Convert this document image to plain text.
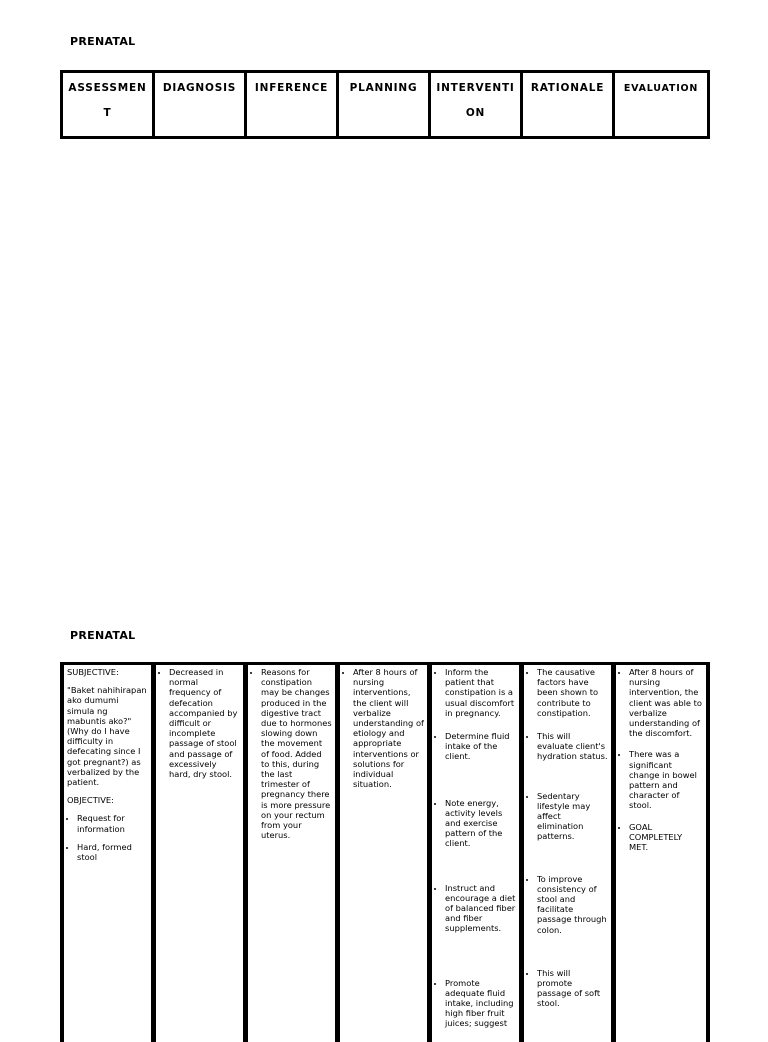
PRENATAL
ASSESSMEN T
DIAGNOSIS INFERENCE PLANNING INTERVENTI ON
RATIONALE EVALUATION
PRENATAL

SUBJECTIVE:

"Baket nahihirapan ako dumumi simula ng mabuntis ako?" (Why do I have difficulty in defecating since I got pregnant?) as verbalized by the patient.

OBJECTIVE:

• Request for information
• Hard, formed stool
• Decreased in normal frequency of defecation accompanied by difficult or incomplete passage of stool and passage of excessively hard, dry stool.
• Reasons for constipation may be changes produced in the digestive tract due to hormones slowing down the movement of food. Added to this, during the last trimester of pregnancy there is more pressure on your rectum from your uterus.
• After 8 hours of nursing interventions, the client will verbalize understanding of etiology and appropriate interventions or solutions for individual situation.
• Inform the patient that constipation is a usual discomfort in pregnancy.
• Determine fluid intake of the client.
• Note energy, activity levels and exercise pattern of the client.
• Instruct and encourage a diet of balanced fiber and fiber supplements.
• Promote adequate fluid intake, including high fiber fruit juices; suggest
• The causative factors have been shown to contribute to constipation.
• This will evaluate client's hydration status.
• Sedentary lifestyle may affect elimination patterns.
• To improve consistency of stool and facilitate passage through colon.
• This will promote passage of soft stool.
• After 8 hours of nursing intervention, the client was able to verbalize understanding of the discomfort.
• There was a significant change in bowel pattern and character of stool.
• GOAL COMPLETELY MET.
